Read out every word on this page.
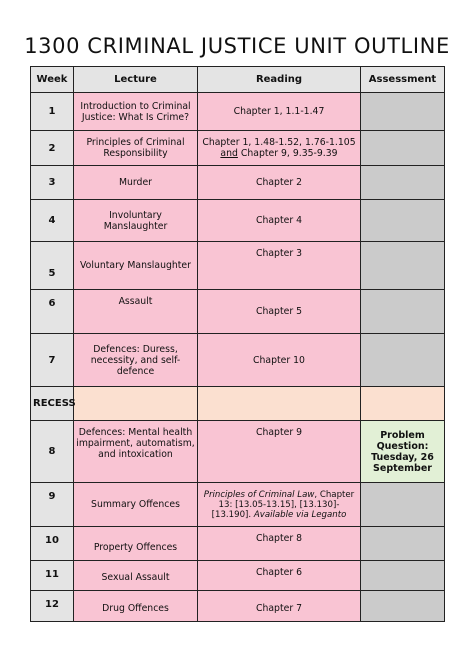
1300 CRIMINAL JUSTICE UNIT OUTLINE
Week	Lecture	Reading	Assessment
1	Introduction to Criminal Justice: What Is Crime?	Chapter 1, 1.1-1.47	
2	Principles of Criminal Responsibility	Chapter 1, 1.48-1.52, 1.76-1.105 and Chapter 9, 9.35-9.39	
3	Murder	Chapter 2	
4	Involuntary Manslaughter	Chapter 4	
5	Voluntary Manslaughter	Chapter 3	
6	Assault	Chapter 5	
7	Defences: Duress, necessity, and self-defence	Chapter 10	
RECESS			
8	Defences: Mental health impairment, automatism, and intoxication	Chapter 9	Problem Question: Tuesday, 26 September
9	Summary Offences	Principles of Criminal Law, Chapter 13: [13.05-13.15], [13.130]- [13.190]. Available via Leganto	
10	Property Offences	Chapter 8	
11	Sexual Assault	Chapter 6	
12	Drug Offences	Chapter 7	
